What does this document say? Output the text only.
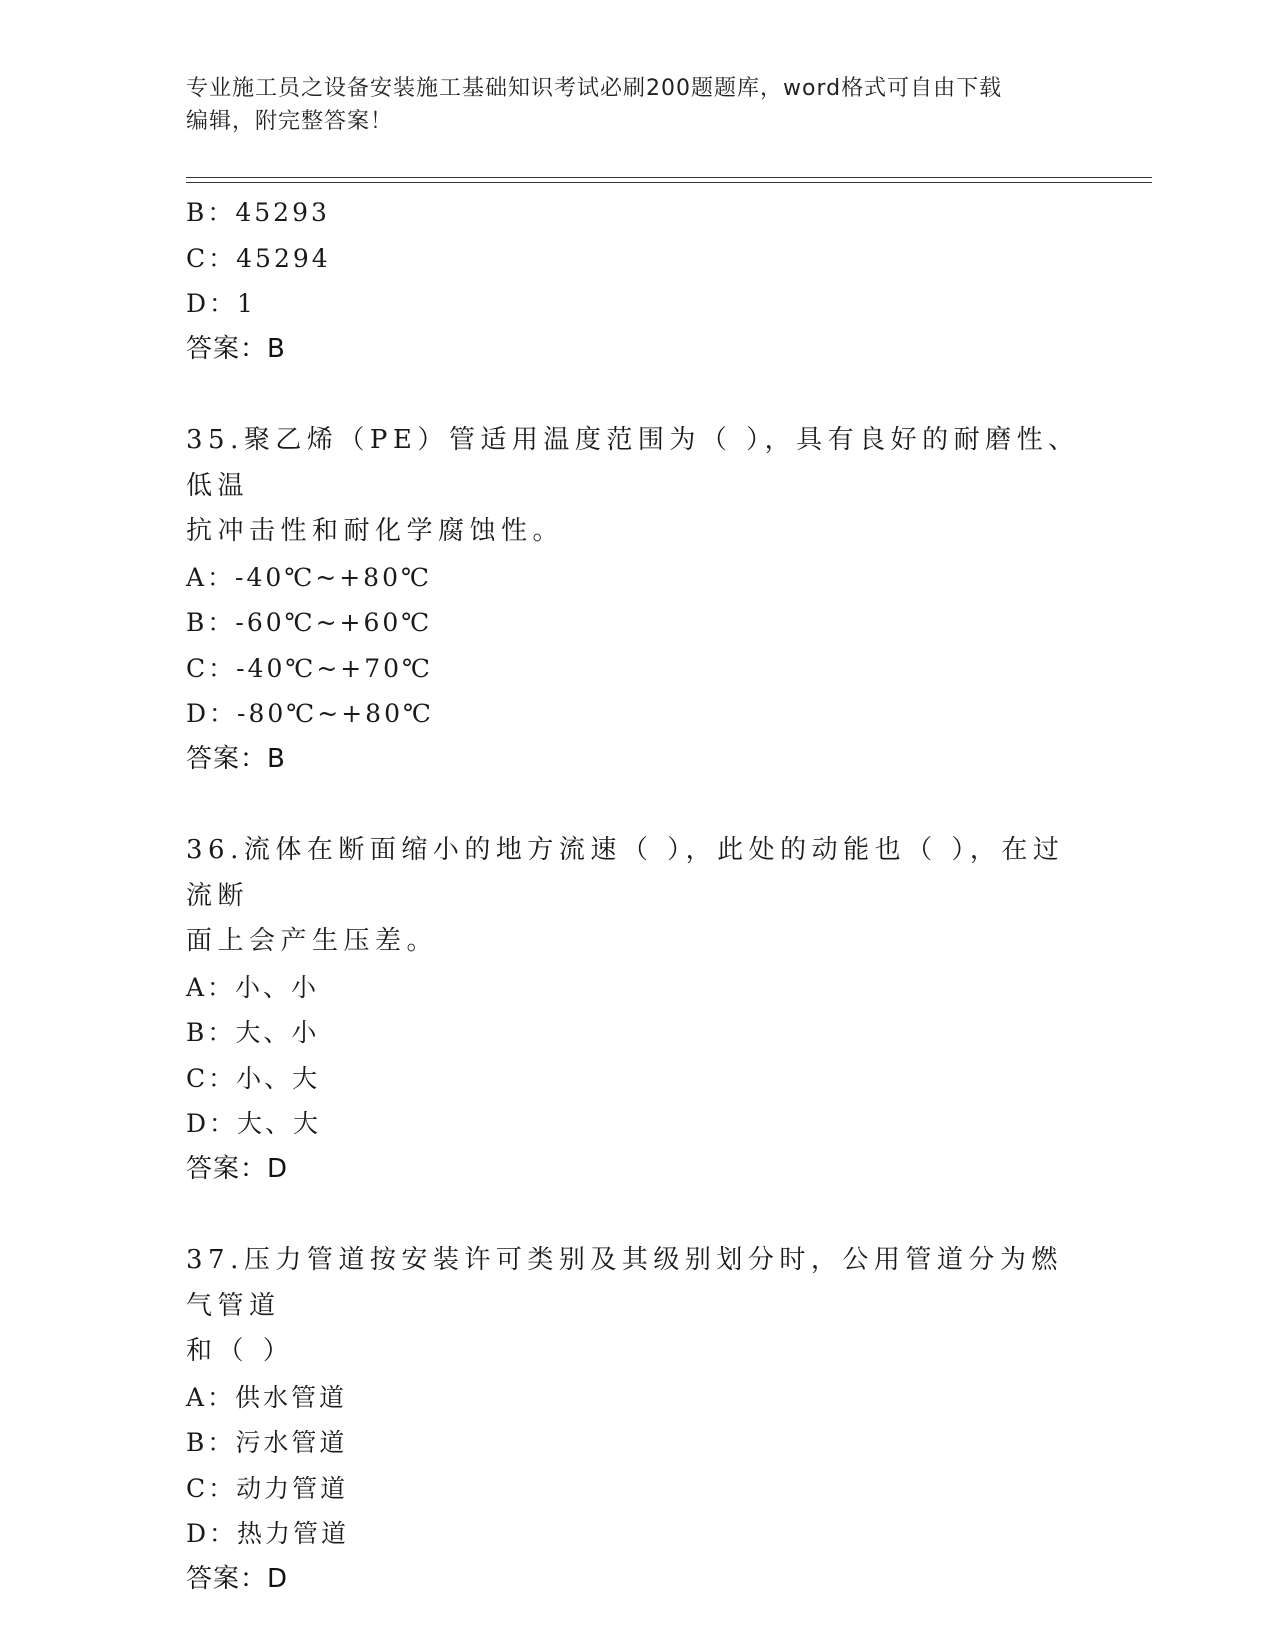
专业施工员之设备安装施工基础知识考试必刷200题题库，word格式可自由下载
编辑，附完整答案！
B：45293
C：45294
D：1
答案：B
35.聚乙烯（PE）管适用温度范围为（ ），具有良好的耐磨性、低温
抗冲击性和耐化学腐蚀性。
A：-40℃~+80℃
B：-60℃~+60℃
C：-40℃~+70℃
D：-80℃~+80℃
答案：B
36.流体在断面缩小的地方流速（ ），此处的动能也（ ），在过流断
面上会产生压差。
A：小、小
B：大、小
C：小、大
D：大、大
答案：D
37.压力管道按安装许可类别及其级别划分时，公用管道分为燃气管道
和（ ）
A：供水管道
B：污水管道
C：动力管道
D：热力管道
答案：D
